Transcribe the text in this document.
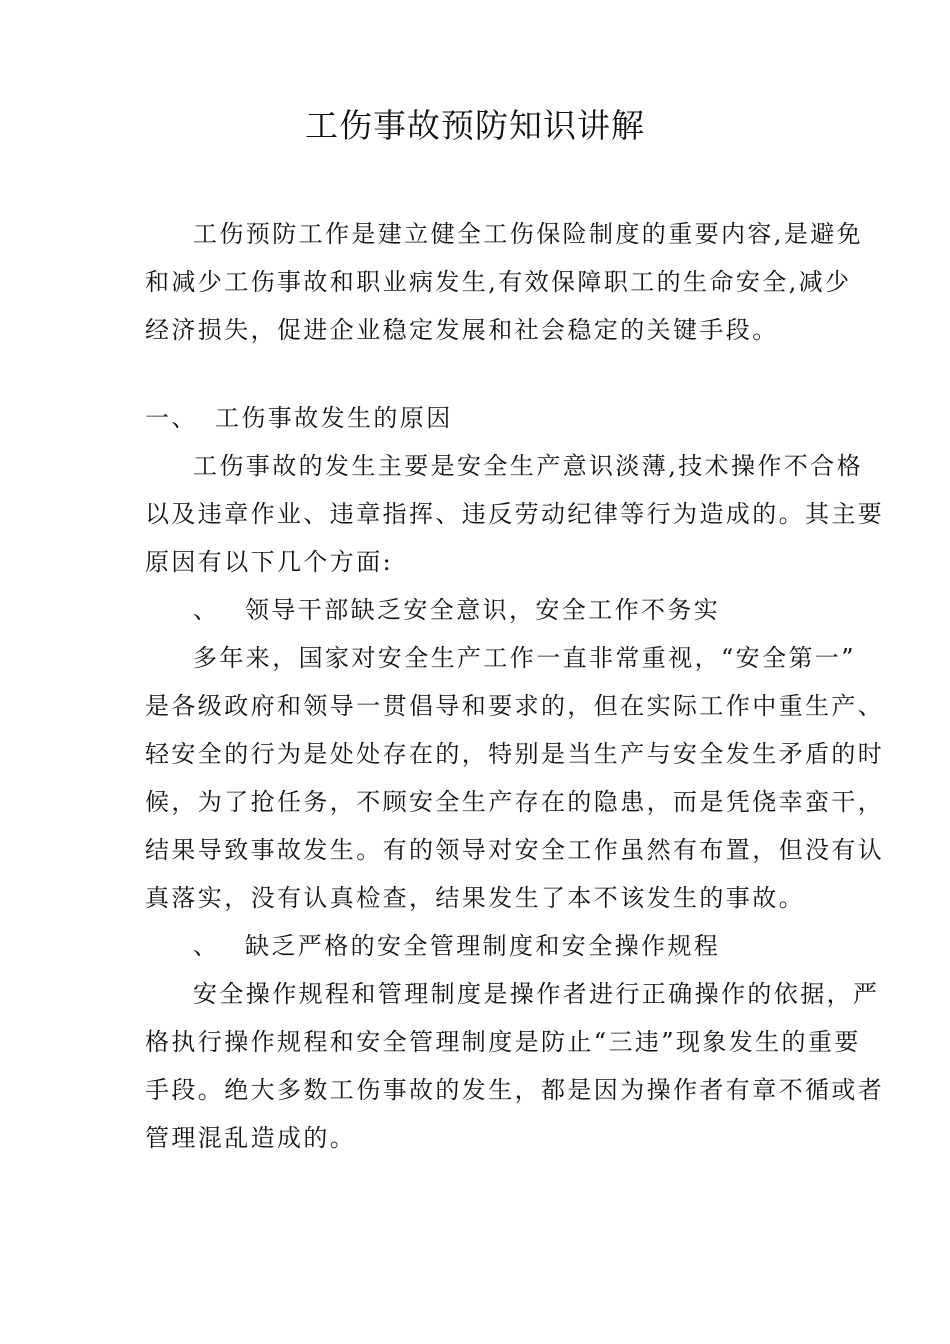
工伤事故预防知识讲解
工伤预防工作是建立健全工伤保险制度的重要内容,是避免
和减少工伤事故和职业病发生,有效保障职工的生命安全,减少
经济损失，促进企业稳定发展和社会稳定的关键手段。
一、 工伤事故发生的原因
工伤事故的发生主要是安全生产意识淡薄,技术操作不合格
以及违章作业、违章指挥、违反劳动纪律等行为造成的。其主要
原因有以下几个方面:
、 领导干部缺乏安全意识，安全工作不务实
多年来，国家对安全生产工作一直非常重视，“安全第一”
是各级政府和领导一贯倡导和要求的，但在实际工作中重生产、
轻安全的行为是处处存在的，特别是当生产与安全发生矛盾的时
候，为了抢任务，不顾安全生产存在的隐患，而是凭侥幸蛮干，
结果导致事故发生。有的领导对安全工作虽然有布置，但没有认
真落实，没有认真检查，结果发生了本不该发生的事故。
、 缺乏严格的安全管理制度和安全操作规程
安全操作规程和管理制度是操作者进行正确操作的依据，严
格执行操作规程和安全管理制度是防止“三违”现象发生的重要
手段。绝大多数工伤事故的发生，都是因为操作者有章不循或者
管理混乱造成的。
